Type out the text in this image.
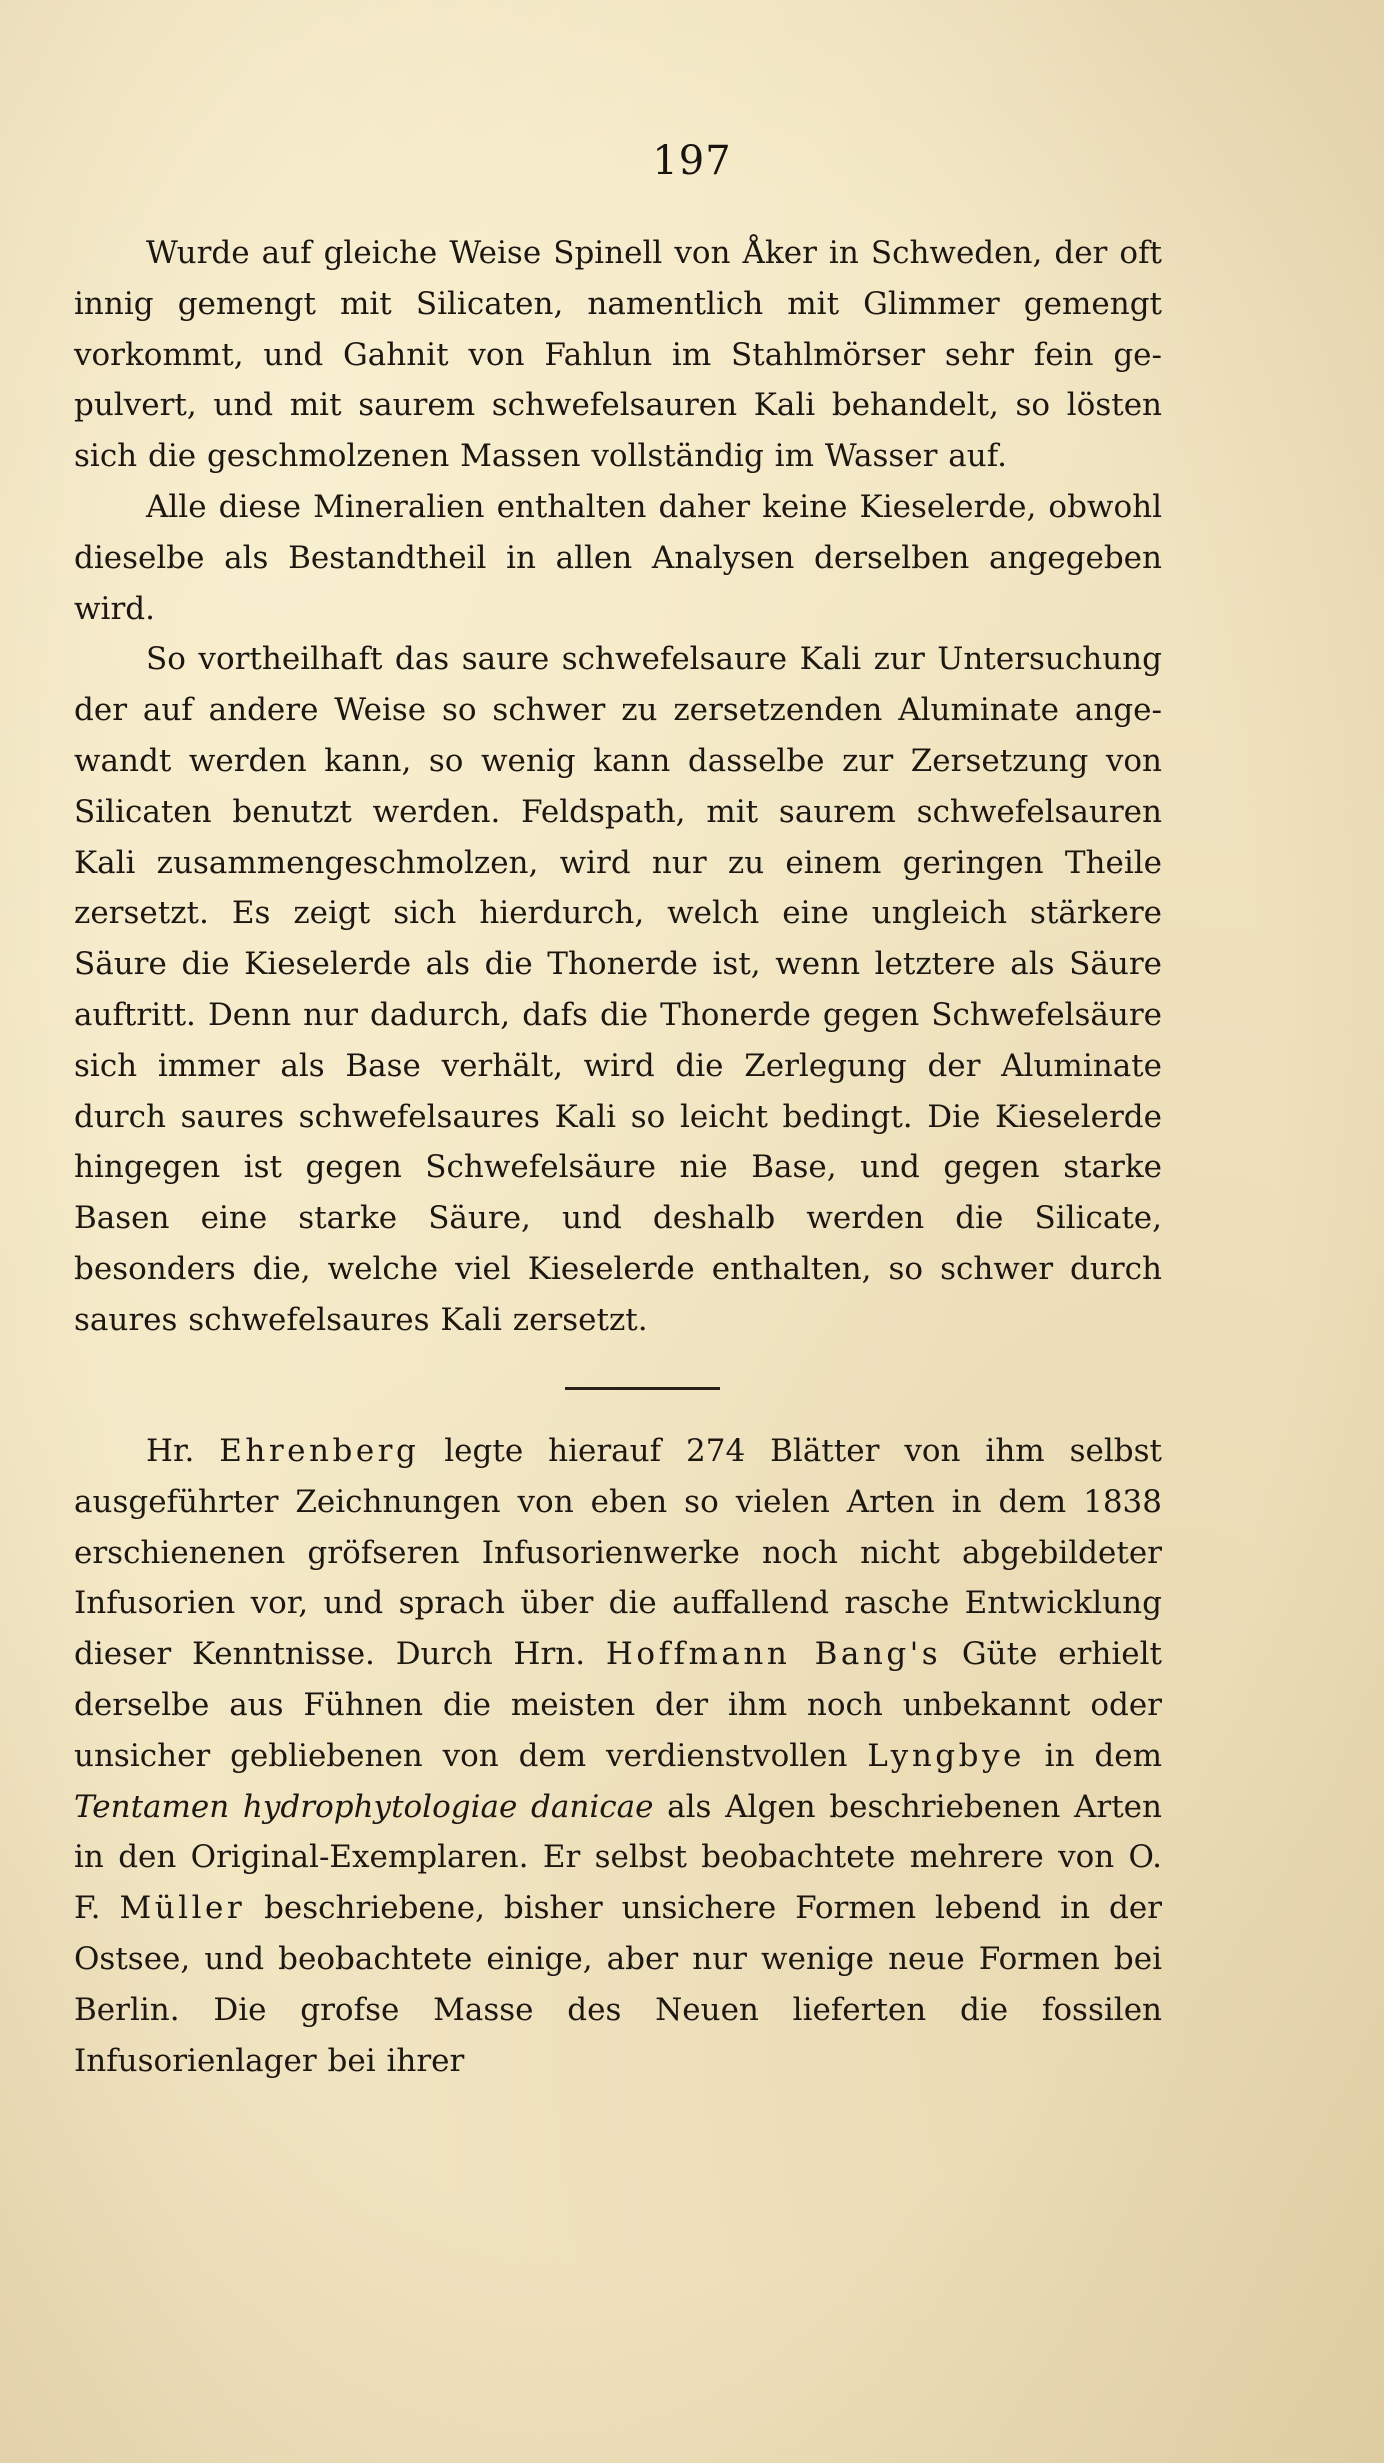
197

Wurde auf gleiche Weise Spinell von Åker in Schweden, der oft innig gemengt mit Silicaten, namentlich mit Glimmer gemengt vorkommt, und Gahnit von Fahlun im Stahlmörser sehr fein gepulvert, und mit saurem schwefelsauren Kali behandelt, so lösten sich die geschmolzenen Massen vollständig im Wasser auf.

Alle diese Mineralien enthalten daher keine Kieselerde, obwohl dieselbe als Bestandtheil in allen Analysen derselben angegeben wird.

So vortheilhaft das saure schwefelsaure Kali zur Untersuchung der auf andere Weise so schwer zu zersetzenden Aluminate angewandt werden kann, so wenig kann dasselbe zur Zersetzung von Silicaten benutzt werden. Feldspath, mit saurem schwefelsauren Kali zusammengeschmolzen, wird nur zu einem geringen Theile zersetzt. Es zeigt sich hierdurch, welch eine ungleich stärkere Säure die Kieselerde als die Thonerde ist, wenn letztere als Säure auftritt. Denn nur dadurch, dafs die Thonerde gegen Schwefelsäure sich immer als Base verhält, wird die Zerlegung der Aluminate durch saures schwefelsaures Kali so leicht bedingt. Die Kieselerde hingegen ist gegen Schwefelsäure nie Base, und gegen starke Basen eine starke Säure, und deshalb werden die Silicate, besonders die, welche viel Kieselerde enthalten, so schwer durch saures schwefelsaures Kali zersetzt.

Hr. Ehrenberg legte hierauf 274 Blätter von ihm selbst ausgeführter Zeichnungen von eben so vielen Arten in dem 1838 erschienenen gröfseren Infusorienwerke noch nicht abgebildeter Infusorien vor, und sprach über die auffallend rasche Entwicklung dieser Kenntnisse. Durch Hrn. Hoffmann Bang's Güte erhielt derselbe aus Fühnen die meisten der ihm noch unbekannt oder unsicher gebliebenen von dem verdienstvollen Lyngbye in dem Tentamen hydrophytologiae danicae als Algen beschriebenen Arten in den Original-Exemplaren. Er selbst beobachtete mehrere von O. F. Müller beschriebene, bisher unsichere Formen lebend in der Ostsee, und beobachtete einige, aber nur wenige neue Formen bei Berlin. Die grofse Masse des Neuen lieferten die fossilen Infusorienlager bei ihrer
